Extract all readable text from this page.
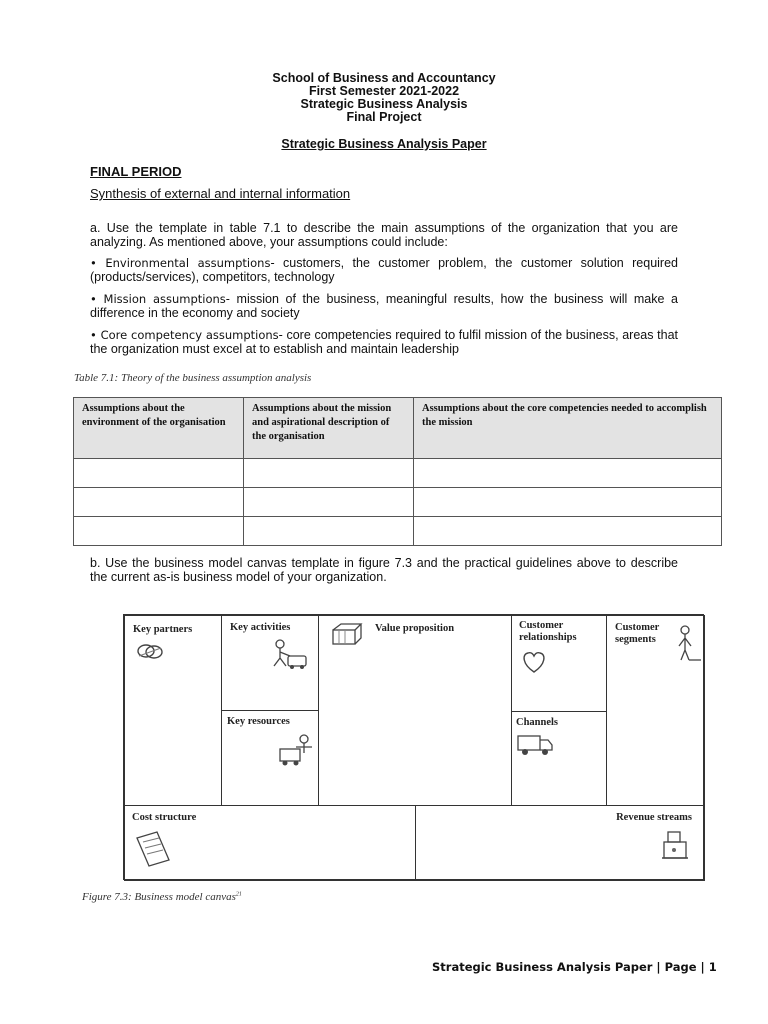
School of Business and Accountancy
First Semester 2021-2022
Strategic Business Analysis
Final Project
Strategic Business Analysis Paper
FINAL PERIOD
Synthesis of external and internal information
a. Use the template in table 7.1 to describe the main assumptions of the organization that you are analyzing. As mentioned above, your assumptions could include:
• Environmental assumptions- customers, the customer problem, the customer solution required (products/services), competitors, technology
• Mission assumptions- mission of the business, meaningful results, how the business will make a difference in the economy and society
• Core competency assumptions- core competencies required to fulfil mission of the business, areas that the organization must excel at to establish and maintain leadership
Table 7.1: Theory of the business assumption analysis
Assumptions about the environment of the organisation	Assumptions about the mission and aspirational description of the organisation	Assumptions about the core competencies needed to accomplish the mission

b. Use the business model canvas template in figure 7.3 and the practical guidelines above to describe the current as-is business model of your organization.
Key partners	Key activities
Key resources
Value proposition	Customer relationships
Channels
Customer segments
Cost structure	Revenue streams
Figure 7.3: Business model canvas$^{21}$
Strategic Business Analysis Paper | Page | 1
